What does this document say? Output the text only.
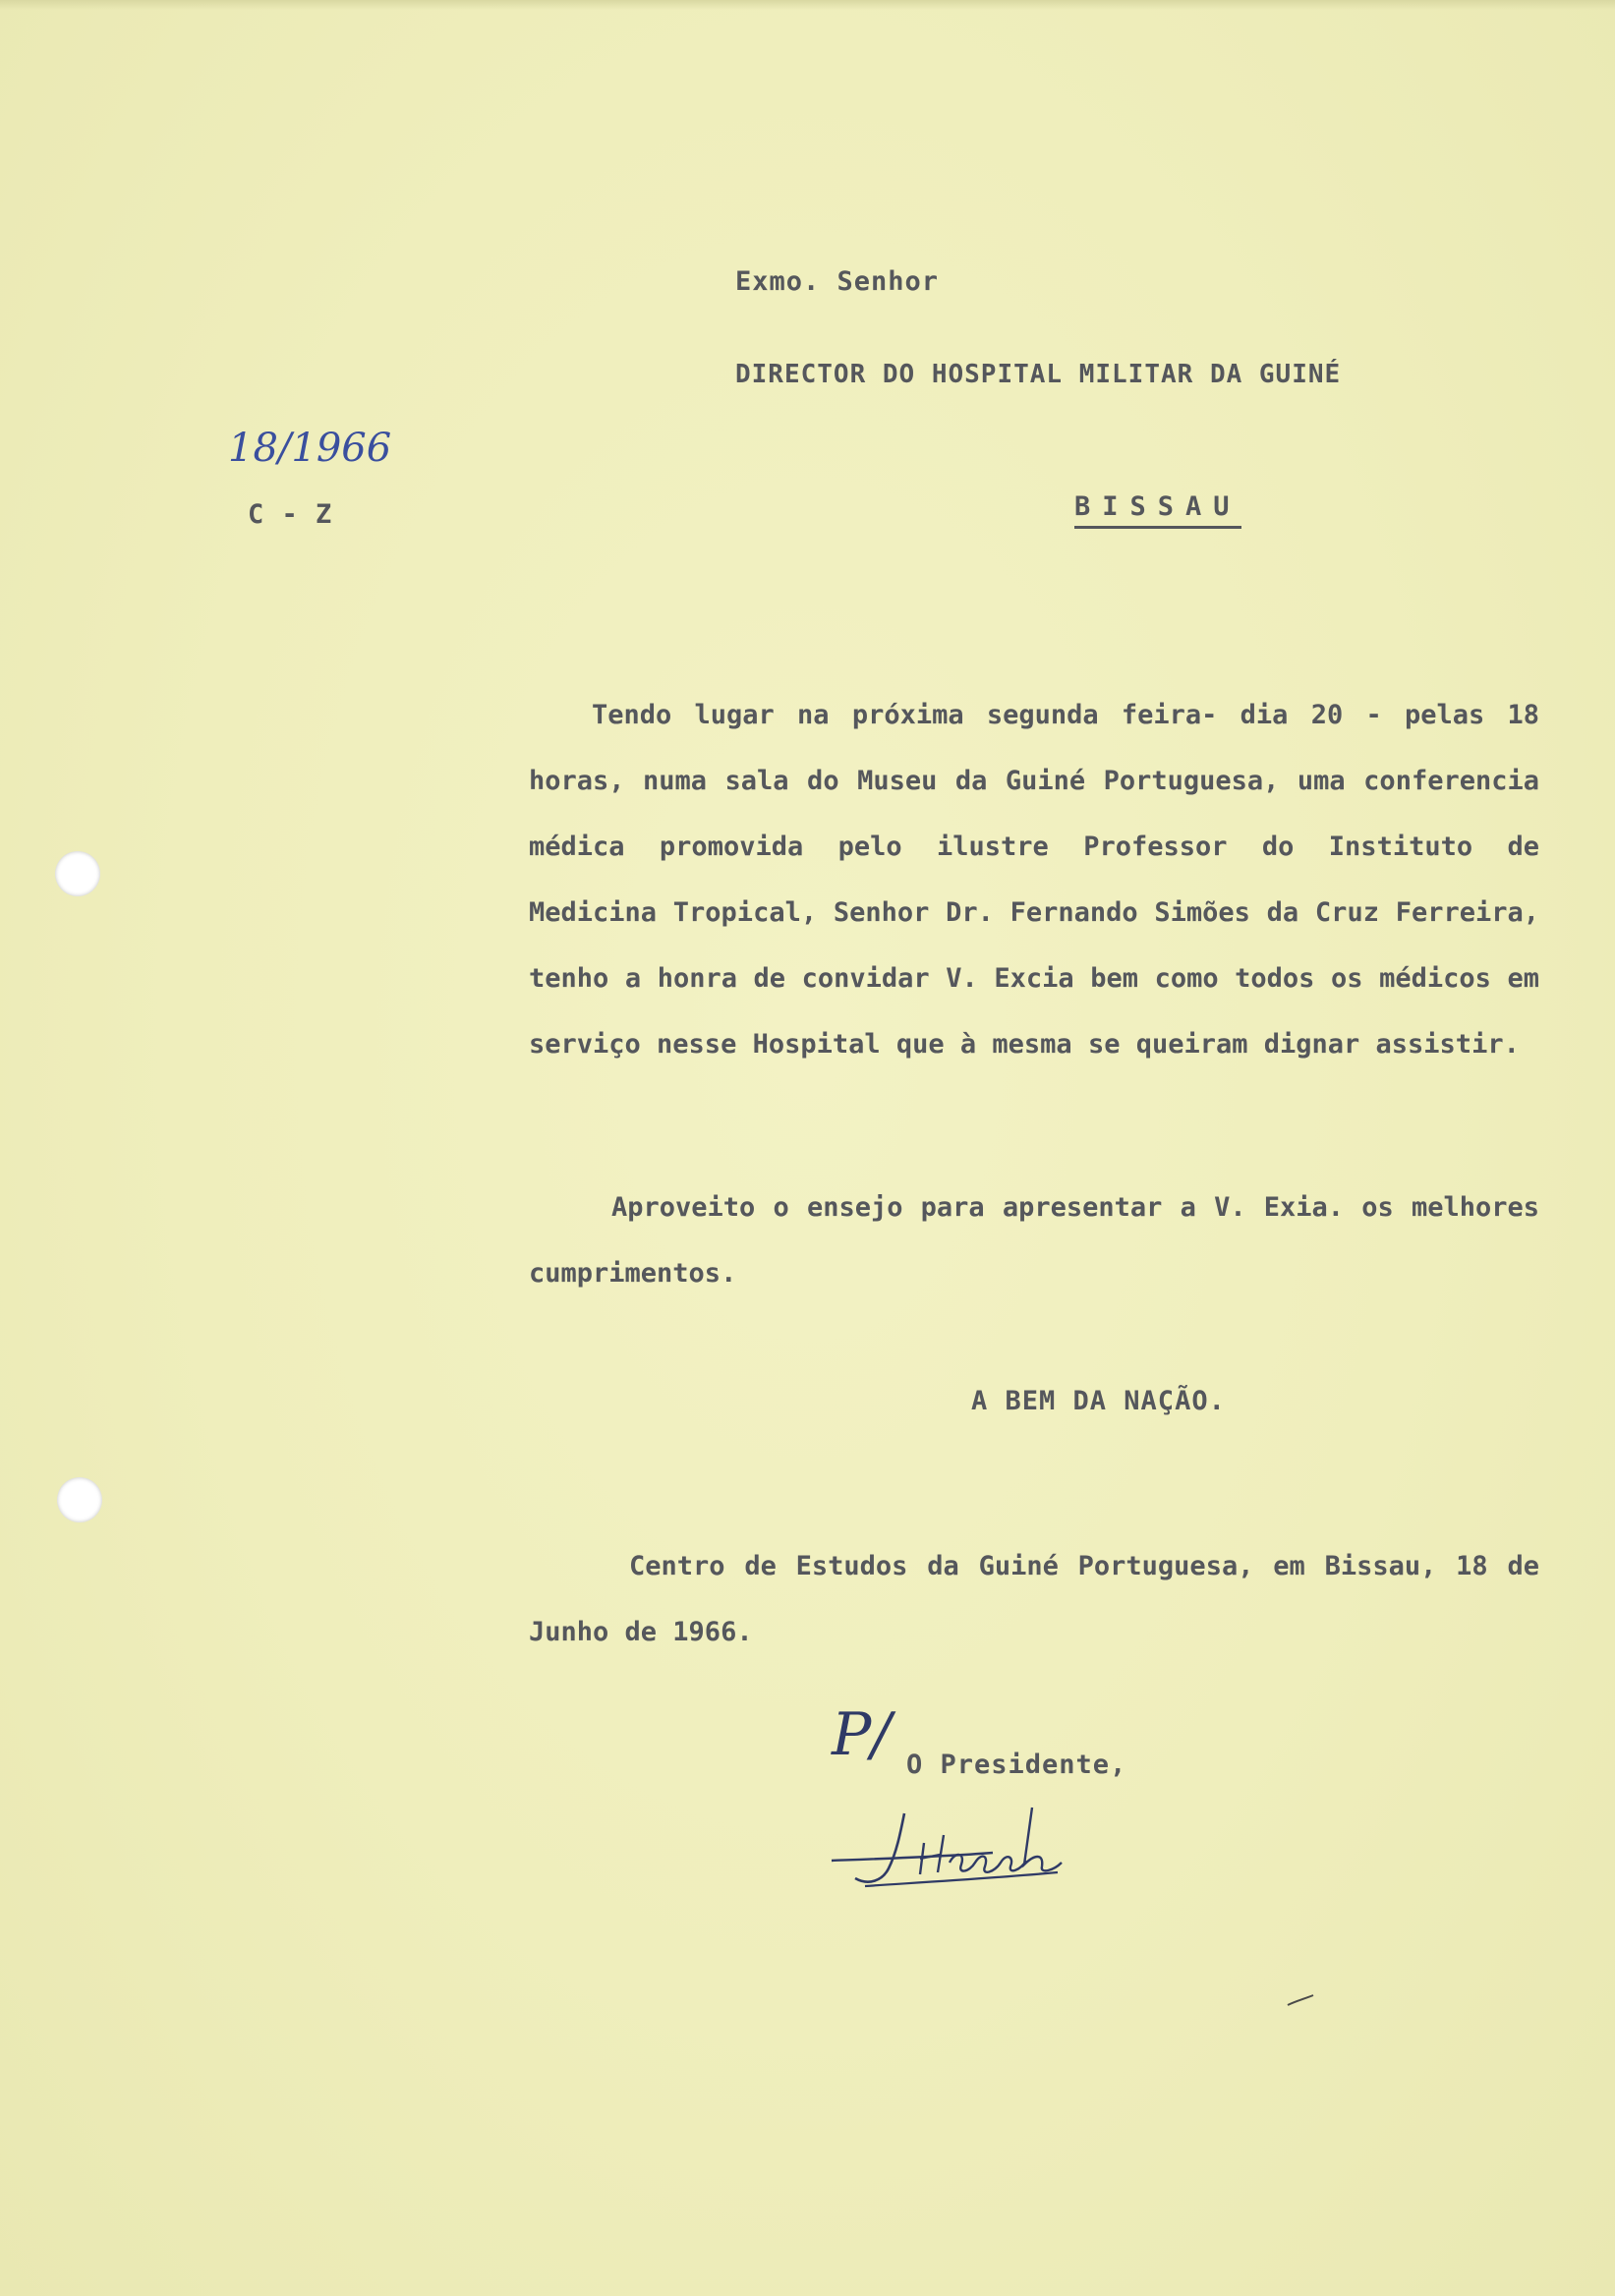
Exmo. Senhor
DIRECTOR DO HOSPITAL MILITAR DA GUINÉ
18/1966
C - Z	BISSAU

Tendo lugar na próxima segunda feira- dia 20 - pelas 18 horas, numa sala do Museu da Guiné Portuguesa, uma conferencia médica promovida pelo ilustre Professor do Instituto de Medicina Tropical, Senhor Dr. Fernando Simões da Cruz Ferreira, tenho a honra de convidar V. Excia bem como todos os médicos em serviço nesse Hospital que à mesma se queiram dignar assistir.

Aproveito o ensejo para apresentar a V. Exia. os melhores cumprimentos.

A BEM DA NAÇÃO.

Centro de Estudos da Guiné Portuguesa, em Bissau, 18 de Junho de 1966.

P/ O Presidente,
